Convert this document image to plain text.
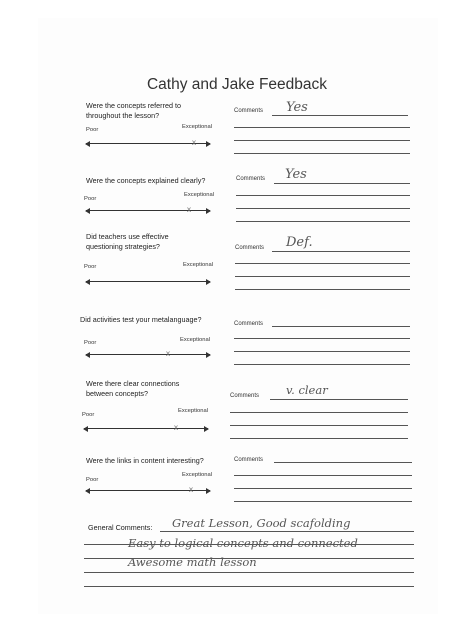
Cathy and Jake Feedback
Were the concepts referred to
throughout the lesson?
Poor	Exceptional
x
Comments Yes
Were the concepts explained clearly?
Poor
Exceptional
x
Comments Yes
Did teachers use effective
questioning strategies?
Poor	Exceptional
Comments Def.
Did activities test your metalanguage?
Poor	Exceptional
x
Comments
Were there clear connections
between concepts?
Poor
Exceptional
x
Comments v. clear
Were the links in content interesting?
Poor
Exceptional
x
Comments
General Comments: Great Lesson, Good scafolding
Easy to logical concepts and connected
Awesome math lesson
